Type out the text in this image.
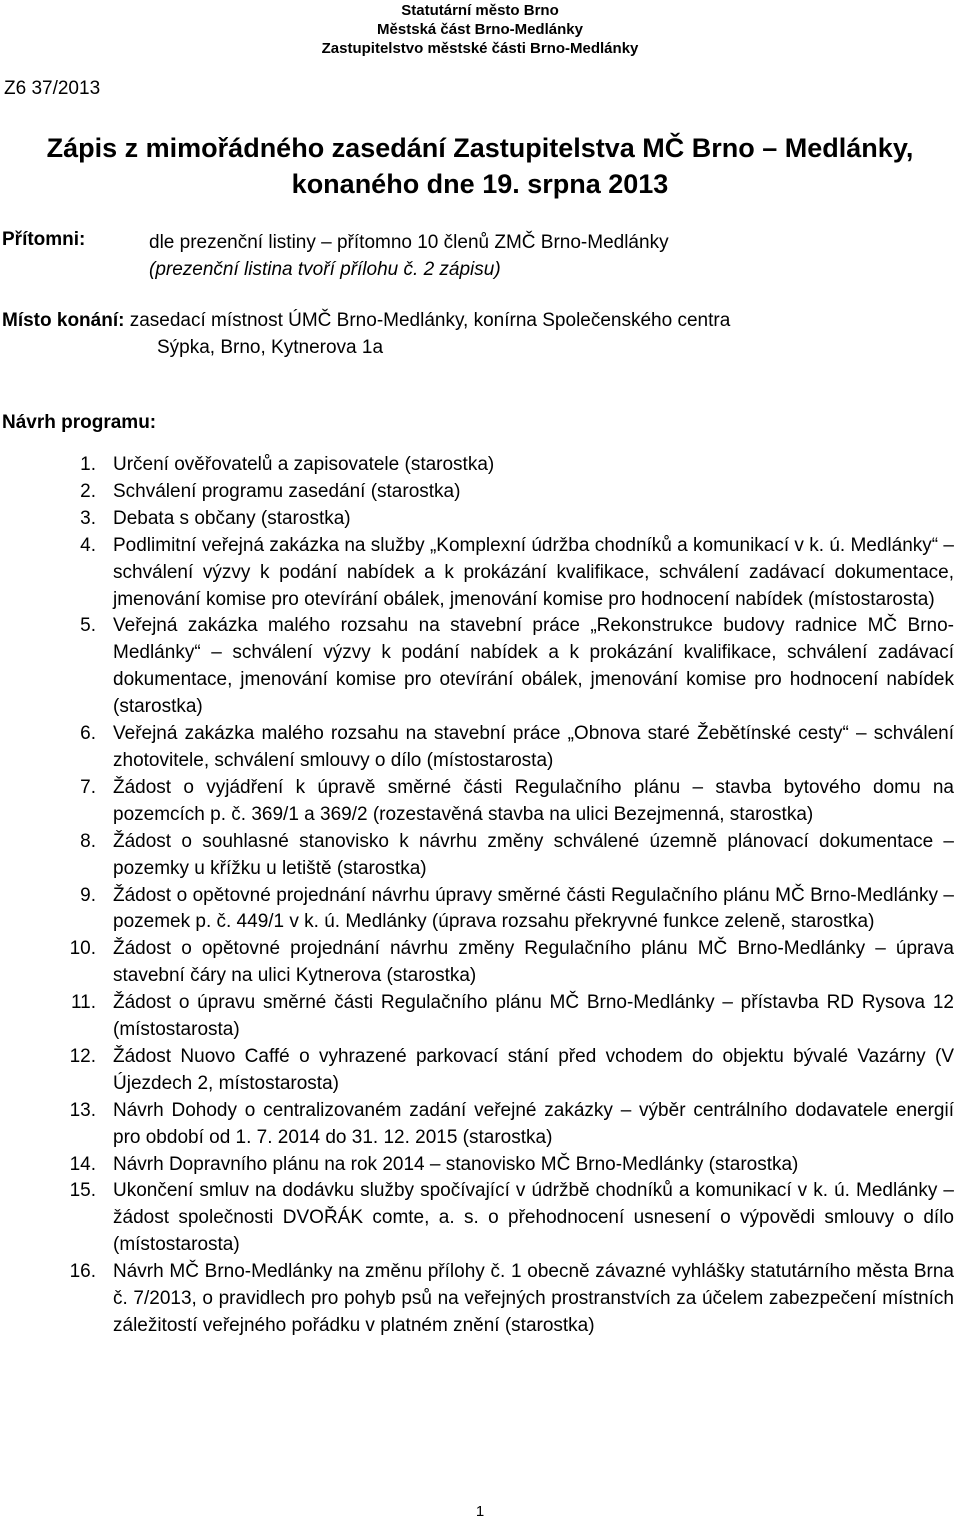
Statutární město Brno
Městská část Brno-Medlánky
Zastupitelstvo městské části Brno-Medlánky
Z6 37/2013
Zápis z mimořádného zasedání Zastupitelstva MČ Brno – Medlánky,
konaného dne 19. srpna 2013
Přítomni:	dle prezenční listiny – přítomno 10 členů ZMČ Brno-Medlánky
(prezenční listina tvoří přílohu č. 2 zápisu)
Místo konání: zasedací místnost ÚMČ Brno-Medlánky, konírna Společenského centra
Sýpka, Brno, Kytnerova 1a
Návrh programu:
1. Určení ověřovatelů a zapisovatele (starostka)
2. Schválení programu zasedání (starostka)
3. Debata s občany (starostka)
4. Podlimitní veřejná zakázka na služby „Komplexní údržba chodníků a komunikací v k. ú. Medlánky“ – schválení výzvy k podání nabídek a k prokázání kvalifikace, schválení zadávací dokumentace, jmenování komise pro otevírání obálek, jmenování komise pro hodnocení nabídek (místostarosta)
5. Veřejná zakázka malého rozsahu na stavební práce „Rekonstrukce budovy radnice MČ Brno-Medlánky“ – schválení výzvy k podání nabídek a k prokázání kvalifikace, schválení zadávací dokumentace, jmenování komise pro otevírání obálek, jmenování komise pro hodnocení nabídek (starostka)
6. Veřejná zakázka malého rozsahu na stavební práce „Obnova staré Žebětínské cesty“ – schválení zhotovitele, schválení smlouvy o dílo (místostarosta)
7. Žádost o vyjádření k úpravě směrné části Regulačního plánu – stavba bytového domu na pozemcích p. č. 369/1 a 369/2 (rozestavěná stavba na ulici Bezejmenná, starostka)
8. Žádost o souhlasné stanovisko k návrhu změny schválené územně plánovací dokumentace – pozemky u křížku u letiště (starostka)
9. Žádost o opětovné projednání návrhu úpravy směrné části Regulačního plánu MČ Brno-Medlánky – pozemek p. č. 449/1 v k. ú. Medlánky (úprava rozsahu překryvné funkce zeleně, starostka)
10. Žádost o opětovné projednání návrhu změny Regulačního plánu MČ Brno-Medlánky – úprava stavební čáry na ulici Kytnerova (starostka)
11. Žádost o úpravu směrné části Regulačního plánu MČ Brno-Medlánky – přístavba RD Rysova 12 (místostarosta)
12. Žádost Nuovo Caffé o vyhrazené parkovací stání před vchodem do objektu bývalé Vazárny (V Újezdech 2, místostarosta)
13. Návrh Dohody o centralizovaném zadání veřejné zakázky – výběr centrálního dodavatele energií pro období od 1. 7. 2014 do 31. 12. 2015 (starostka)
14. Návrh Dopravního plánu na rok 2014 – stanovisko MČ Brno-Medlánky (starostka)
15. Ukončení smluv na dodávku služby spočívající v údržbě chodníků a komunikací v k. ú. Medlánky – žádost společnosti DVOŘÁK comte, a. s. o přehodnocení usnesení o výpovědi smlouvy o dílo (místostarosta)
16. Návrh MČ Brno-Medlánky na změnu přílohy č. 1 obecně závazné vyhlášky statutárního města Brna č. 7/2013, o pravidlech pro pohyb psů na veřejných prostranstvích za účelem zabezpečení místních záležitostí veřejného pořádku v platném znění (starostka)
1
